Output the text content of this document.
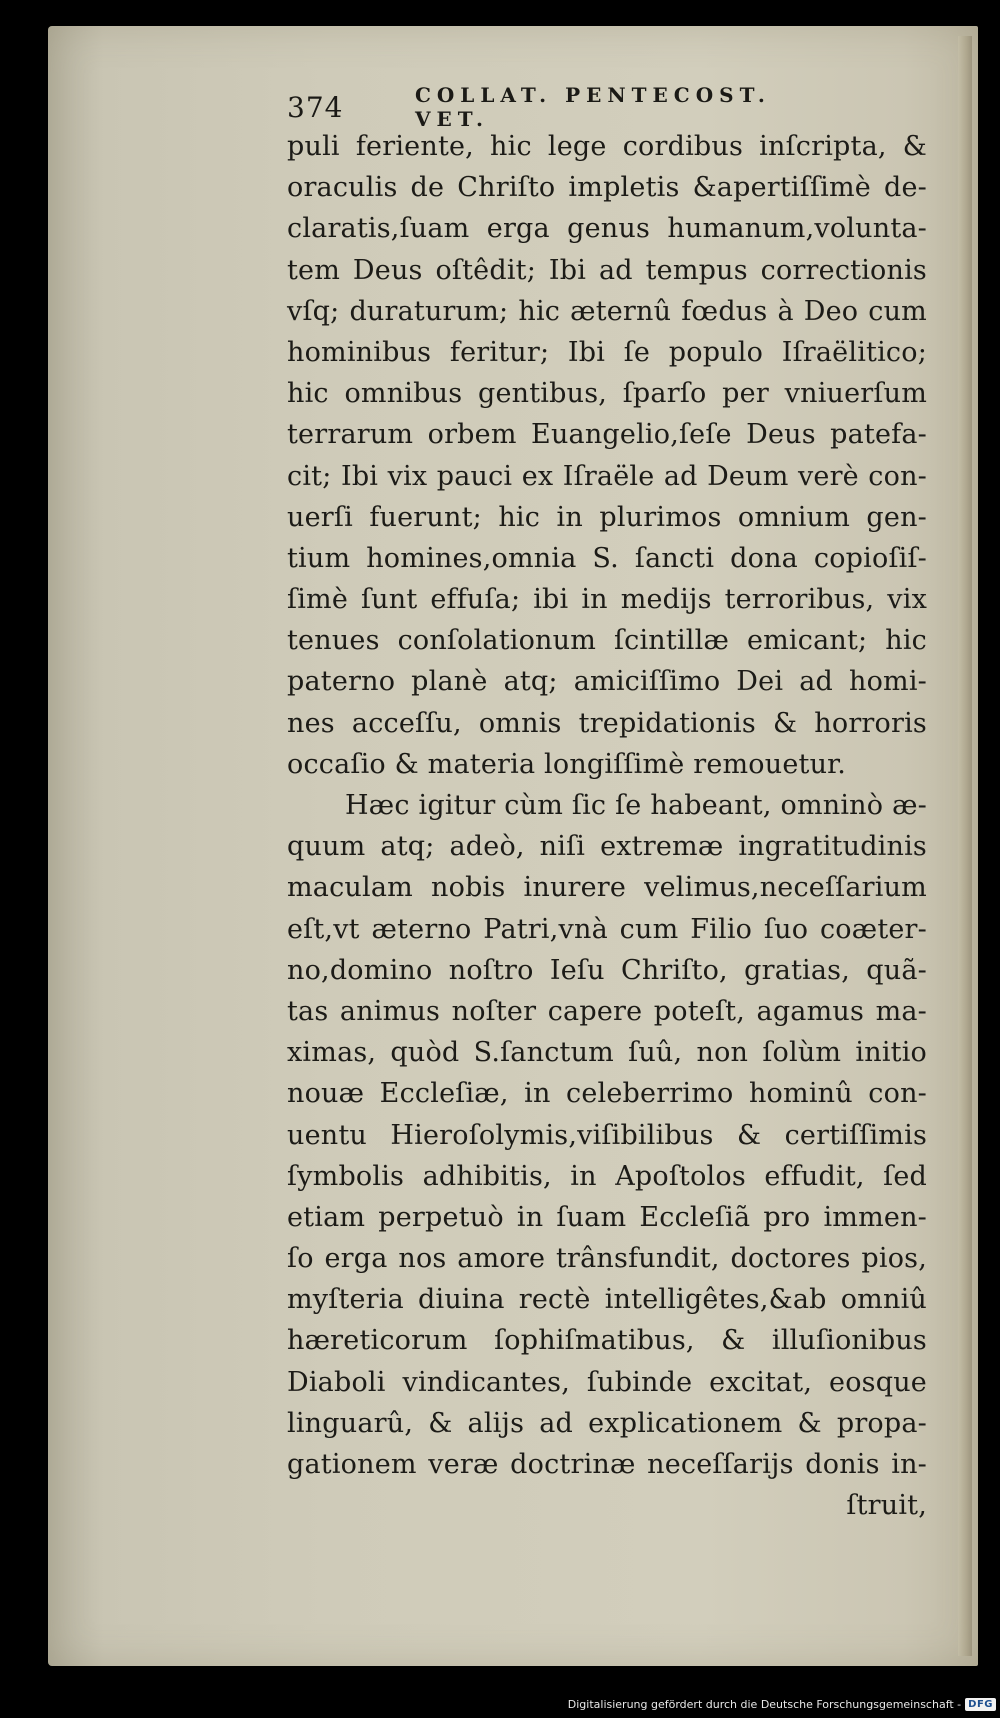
374	COLLAT. PENTECOST. VET.
puli feriente, hic lege cordibus inſcripta, &
oraculis de Chriſto impletis &apertiſſimè de-
claratis,ſuam erga genus humanum,volunta-
tem Deus oſtêdit; Ibi ad tempus correctionis
vſq; duraturum; hic æternû fœdus à Deo cum
hominibus feritur; Ibi ſe populo Iſraëlitico;
hic omnibus gentibus, ſparſo per vniuerſum
terrarum orbem Euangelio,ſeſe Deus patefa-
cit; Ibi vix pauci ex Iſraële ad Deum verè con-
uerſi fuerunt; hic in plurimos omnium gen-
tium homines,omnia S. ſancti dona copioſiſ-
ſimè ſunt effuſa; ibi in medijs terroribus, vix
tenues conſolationum ſcintillæ emicant; hic
paterno planè atq; amiciſſimo Dei ad homi-
nes acceſſu, omnis trepidationis & horroris
occaſio & materia longiſſimè remouetur.
Hæc igitur cùm ſic ſe habeant, omninò æ-
quum atq; adeò, niſi extremæ ingratitudinis
maculam nobis inurere velimus,neceſſarium
eſt,vt æterno Patri,vnà cum Filio ſuo coæter-
no,domino noſtro Ieſu Chriſto, gratias, quã-
tas animus noſter capere poteſt, agamus ma-
ximas, quòd S.ſanctum ſuû, non ſolùm initio
nouæ Eccleſiæ, in celeberrimo hominû con-
uentu Hieroſolymis,viſibilibus & certiſſimis
ſymbolis adhibitis, in Apoſtolos effudit, ſed
etiam perpetuò in ſuam Eccleſiã pro immen-
ſo erga nos amore trânsfundit, doctores pios,
myſteria diuina rectè intelligêtes,&ab omniû
hæreticorum ſophiſmatibus, & illuſionibus
Diaboli vindicantes, ſubinde excitat, eosque
linguarû, & alijs ad explicationem & propa-
gationem veræ doctrinæ neceſſarijs donis in-
ſtruit,
Digitalisierung gefördert durch die Deutsche Forschungsgemeinschaft - DFG
